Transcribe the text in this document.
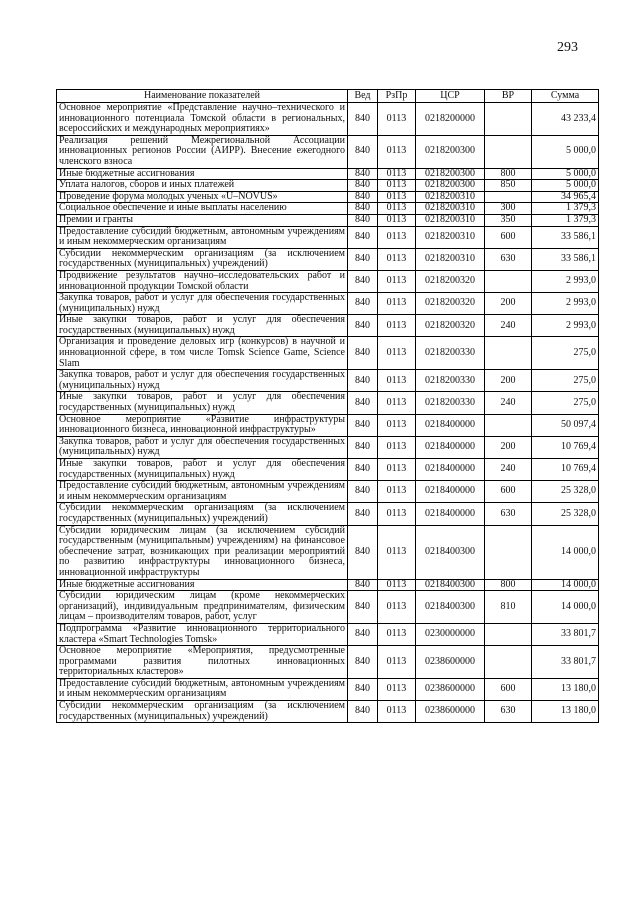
293
Наименование показателей	Вед	РзПр	ЦСР	ВР	Сумма
Основное мероприятие «Представление научно–технического и инновационного потенциала Томской области в региональных, всероссийских и международных мероприятиях»	840	0113	0218200000		43 233,4
Реализация решений Межрегиональной Ассоциации инновационных регионов России (АИРР). Внесение ежегодного членского взноса	840	0113	0218200300		5 000,0
Иные бюджетные ассигнования	840	0113	0218200300	800	5 000,0
Уплата налогов, сборов и иных платежей	840	0113	0218200300	850	5 000,0
Проведение форума молодых ученых «U–NOVUS»	840	0113	0218200310		34 965,4
Социальное обеспечение и иные выплаты населению	840	0113	0218200310	300	1 379,3
Премии и гранты	840	0113	0218200310	350	1 379,3
Предоставление субсидий бюджетным, автономным учреждениям и иным некоммерческим организациям	840	0113	0218200310	600	33 586,1
Субсидии некоммерческим организациям (за исключением государственных (муниципальных) учреждений)	840	0113	0218200310	630	33 586,1
Продвижение результатов научно–исследовательских работ и инновационной продукции Томской области	840	0113	0218200320		2 993,0
Закупка товаров, работ и услуг для обеспечения государственных (муниципальных) нужд	840	0113	0218200320	200	2 993,0
Иные закупки товаров, работ и услуг для обеспечения государственных (муниципальных) нужд	840	0113	0218200320	240	2 993,0
Организация и проведение деловых игр (конкурсов) в научной и инновационной сфере, в том числе Tomsk Science Game, Science Slam	840	0113	0218200330		275,0
Закупка товаров, работ и услуг для обеспечения государственных (муниципальных) нужд	840	0113	0218200330	200	275,0
Иные закупки товаров, работ и услуг для обеспечения государственных (муниципальных) нужд	840	0113	0218200330	240	275,0
Основное мероприятие «Развитие инфраструктуры инновационного бизнеса, инновационной инфраструктуры»	840	0113	0218400000		50 097,4
Закупка товаров, работ и услуг для обеспечения государственных (муниципальных) нужд	840	0113	0218400000	200	10 769,4
Иные закупки товаров, работ и услуг для обеспечения государственных (муниципальных) нужд	840	0113	0218400000	240	10 769,4
Предоставление субсидий бюджетным, автономным учреждениям и иным некоммерческим организациям	840	0113	0218400000	600	25 328,0
Субсидии некоммерческим организациям (за исключением государственных (муниципальных) учреждений)	840	0113	0218400000	630	25 328,0
Субсидии юридическим лицам (за исключением субсидий государственным (муниципальным) учреждениям) на финансовое обеспечение затрат, возникающих при реализации мероприятий по развитию инфраструктуры инновационного бизнеса, инновационной инфраструктуры	840	0113	0218400300		14 000,0
Иные бюджетные ассигнования	840	0113	0218400300	800	14 000,0
Субсидии юридическим лицам (кроме некоммерческих организаций), индивидуальным предпринимателям, физическим лицам – производителям товаров, работ, услуг	840	0113	0218400300	810	14 000,0
Подпрограмма «Развитие инновационного территориального кластера «Smart Technologies Tomsk»	840	0113	0230000000		33 801,7
Основное мероприятие «Мероприятия, предусмотренные программами развития пилотных инновационных территориальных кластеров»	840	0113	0238600000		33 801,7
Предоставление субсидий бюджетным, автономным учреждениям и иным некоммерческим организациям	840	0113	0238600000	600	13 180,0
Субсидии некоммерческим организациям (за исключением государственных (муниципальных) учреждений)	840	0113	0238600000	630	13 180,0
